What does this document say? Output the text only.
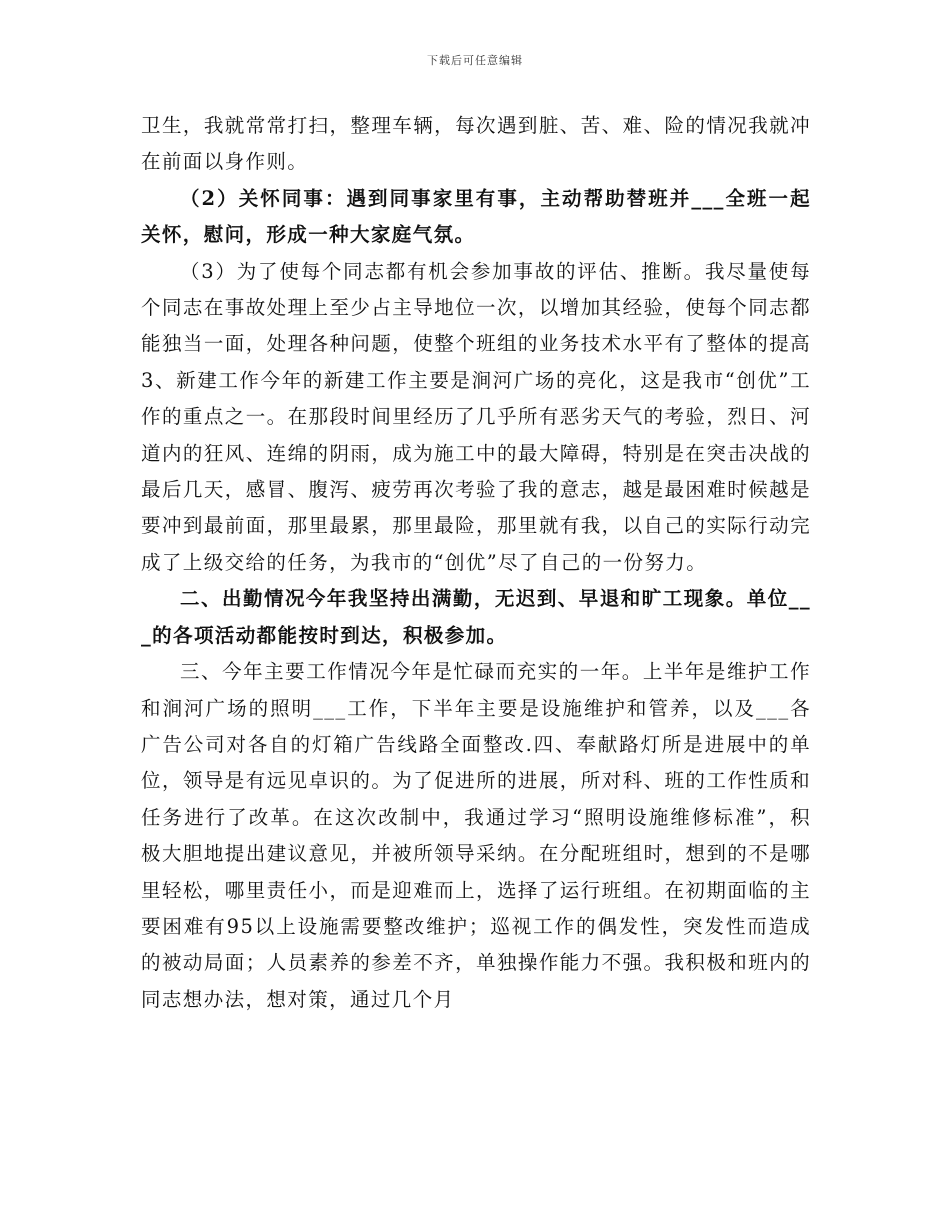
下载后可任意编辑

卫生，我就常常打扫，整理车辆，每次遇到脏、苦、难、险的情况我就冲在前面以身作则。

（2）关怀同事：遇到同事家里有事，主动帮助替班并___全班一起关怀，慰问，形成一种大家庭气氛。

（3）为了使每个同志都有机会参加事故的评估、推断。我尽量使每个同志在事故处理上至少占主导地位一次，以增加其经验，使每个同志都能独当一面，处理各种问题，使整个班组的业务技术水平有了整体的提高3、新建工作今年的新建工作主要是涧河广场的亮化，这是我市“创优”工作的重点之一。在那段时间里经历了几乎所有恶劣天气的考验，烈日、河道内的狂风、连绵的阴雨，成为施工中的最大障碍，特别是在突击决战的最后几天，感冒、腹泻、疲劳再次考验了我的意志，越是最困难时候越是要冲到最前面，那里最累，那里最险，那里就有我，以自己的实际行动完成了上级交给的任务，为我市的“创优”尽了自己的一份努力。

二、出勤情况今年我坚持出满勤，无迟到、早退和旷工现象。单位___的各项活动都能按时到达，积极参加。

三、今年主要工作情况今年是忙碌而充实的一年。上半年是维护工作和涧河广场的照明___工作，下半年主要是设施维护和管养，以及___各广告公司对各自的灯箱广告线路全面整改.四、奉献路灯所是进展中的单位，领导是有远见卓识的。为了促进所的进展，所对科、班的工作性质和任务进行了改革。在这次改制中，我通过学习“照明设施维修标准”，积极大胆地提出建议意见，并被所领导采纳。在分配班组时，想到的不是哪里轻松，哪里责任小，而是迎难而上，选择了运行班组。在初期面临的主要困难有95以上设施需要整改维护；巡视工作的偶发性，突发性而造成的被动局面；人员素养的参差不齐，单独操作能力不强。我积极和班内的同志想办法，想对策，通过几个月
